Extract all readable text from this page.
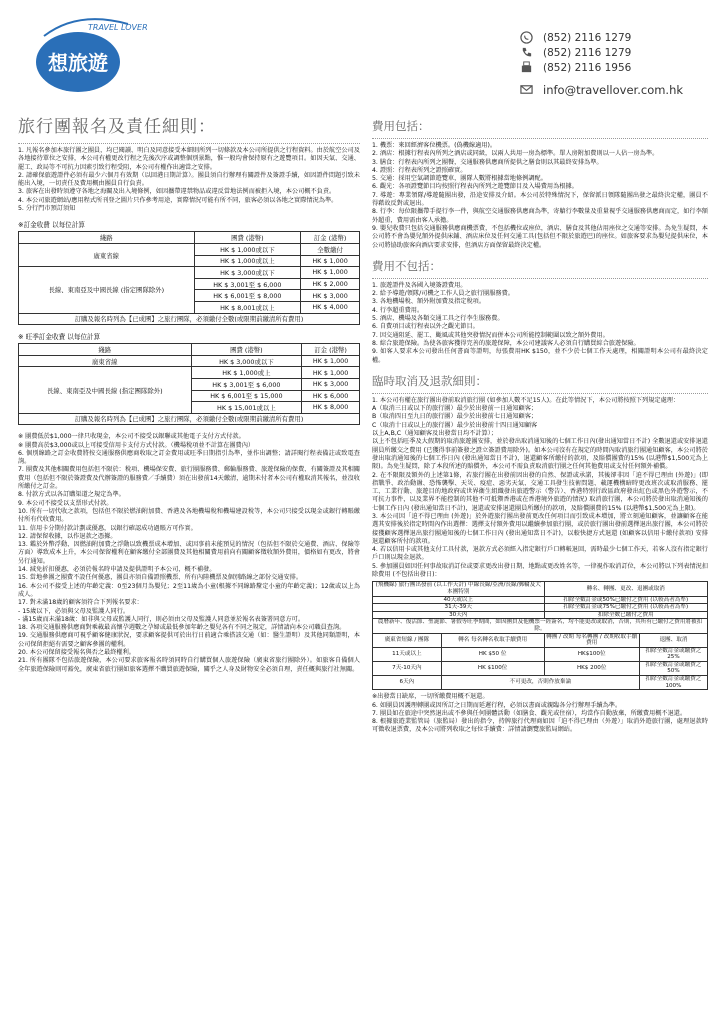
TRAVEL LOVER
想旅遊
(852) 2116 1279
(852) 2116 1279
(852) 2116 1956
info@travellover.com.hk
旅行團報名及責任細則：

1. 凡報名參加本旅行團之團員，均已閱讀、明白及同意接受本細則所列一切條款及本公司所提供之行程資料。由於航空公司及各地接待單位之安排，本公司有權更改行程之先後次序或調整個別景點，惟一般均會保持原有之遊覽項目。如因天氣、交通、罷工、政局等不可抗力因素引致行程受阻，本公司有權作出適當之安排。

2. 請確保旅遊證件必須有最少六個月有效期（以回港日期計算）。團員須自行辦理有關證件及簽證手續，如因證件問題引致未能出入境，一切責任及費用概由團員自行負責。

3. 旅客在出發時須遵守各地之海關及出入境條例，如因攜帶違禁物品或違反當地法例而被拒入境，本公司概不負責。

4. 本公司旅遊網站/應用程式所刊登之圖片只作參考用途，實際情況可能有所不同，旅客必須以各地之實際情況為準。

5. 分行門市預訂須知

※訂金收費 以每位計算
綫路	團費 (港幣)	訂金 (港幣)
廣東省線	HK $ 1,000或以下	全數繳付
	HK $ 1,000或以上	HK $ 1,000
長線、東南亞及中國長線 (指定團隊除外)	HK $ 3,000或以下	HK $ 1,000
	HK $ 3,001至 $ 6,000	HK $ 2,000
	HK $ 6,001至 $ 8,000	HK $ 3,000
	HK $ 8,001或以上	HK $ 4,000
訂購及報名時列為【已成團】之旅行團隊，必須繳付全數(或限期前繳清所有費用)		
※ 旺季訂金收費 以每位計算
綫路	團費 (港幣)	訂金 (港幣)
廣東省線	HK $ 3,000或以下	HK $ 1,000
長線、東南亞及中國長線 (指定團隊除外)	HK $ 1,000或上	HK $ 1,000
	HK $ 3,001至 $ 6,000	HK $ 3,000
	HK $ 6,001至 $ 15,000	HK $ 6,000
	HK $ 15,001或以上	HK $ 8,000
訂購及報名時列為【已成團】之旅行團隊，必須繳付全數(或限期前繳清所有費用)		

※ 團費低於$1,000一律只收現金，本公司不接受以銀聯或其他電子支付方式付款。

※ 團費高於$3,000或以上可接受信用卡支付方式付款。（機場稅項並不計算在團費內）

6. 個別線路之訂金收費將按交通服務供應商收取之訂金費用或旺季日期指引為準，並作出調整；請詳閱行程表備註或致電查詢。

7. 團費及其他相關費用包括但不限於：稅項、機場保安費、旅行團服務費、郵輪服務費、旅遊保險的保費、有關簽證及其相關費用（包括但不限於簽證費及代辦簽證的服務費／手續費）須在出發前14天繳清，逾期未付者本公司有權取消其報名，並沒收所繳付之訂金。

8. 付款方式以各訂購渠道之規定為準。

9. 本公司不接受以支票形式付款。

10. 所有一切代收之款項，包括但不限於燃油附加費、香港及各地機場稅和機場建設稅等，本公司只接受以現金或銀行轉賬繳付所有代收費用。

11. 信用卡分期付款計劃或優惠，以銀行確認成功過賬方可作實。

12. 請保留收據，以作退款之憑據。

13. 鑑於外幣浮動、因燃油附加費之浮動以致機票成本增加、或因事前未能預見的情況（包括但不限於交通費、酒店、保險等方面）導致成本上升，本公司保留權利在顧客繳付全部團費及其他相關費用前向有關顧客徵收額外費用，價格如有更改，將會另行通知。

14. 減免折扣優惠，必須於報名時申請及提供證明予本公司，概不補發。

15. 當地參團之團費不設任何優惠，團員亦須自備證照機票、所有內陸機票及個別路線之部份交通安排。

16. 本公司不接受上述的年齡定義：0至23個月為嬰兒；2至11歲為小童(根據不同線路釐定小童的年齡定義)；12歲或以上為成人。

17. 對未滿18歲的顧客須符合下列報名要求：

- 15歲以下，必須與父母及監護人同行。

- 滿15歲而未滿18歲：如非與父母或監護人同行，則必須由父母及監護人同意並於報名表簽署同意方可。

18. 各項交通服務供應商對乘載最高懷孕週數之孕婦或最低參加年齡之嬰兒各有不同之規定，詳情請向本公司職員查詢。

19. 交通服務供應商可視乎顧客健康狀況，要求顧客提供可於出行日前適合乘搭該交通（如：醫生證明）及其他同類證明，本公司保留拒絕有需要之顧客參團的權利。

20. 本公司保留接受報名與否之最終權利。

21. 所有團隊不包括旅遊保險，本公司要求旅客報名時須同時自行購買個人旅遊保險（廣東省旅行團除外）。如旅客自備個人全年旅遊保險則可豁免，廣東省旅行團如旅客選擇不購買旅遊保險，關乎之人身及財物安全必須自理，責任概與旅行社無關。

費用包括：
1. 機票：來回經濟客位機票。(偽機線適用)。
2. 酒店：根據行程表內所列之酒店或同級，以兩人共用一房為標準。單人房附加費則以一人佔一房為準。
3. 膳食：行程表內所列之團餐，交通服務供應商所提供之膳食則以其最終安排為準。
4. 證照：行程表所列之證照確實。
5. 交通：採用空氣調節遊覽車，團隊人數將根據當地條例調配。
6. 觀光：各項證覽節目均按照行程表內所列之遊覽節目及入場費用為根據。
7. 導遊：專業領隊/導遊隨團出發，沿途安排及介紹。本公司於特殊情況下，保留派日領隊隨團出發之最終決定權，團員不得藉故反對或退出。
8. 行李：每位限攜帶手提行李一件，與航空交通服務供應商為準，寄艙行李數量及重量視乎交通服務供應商而定，如行李額外超重，費用需由客人承擔。
9. 嬰兒收費只包括交通服務供應商機票費，不包括機位或座位，酒店、膳食及其他佔用座位之交通等安排。為免生疑問，本公司將不會為嬰兒額外提供床鋪、酒店床位及任何交通工具(包括但不限於旅遊巴)的座位。如旅客要求為嬰兒提供床位，本公司將協助旅客向酒店要求安排，但酒店方面保留最終決定權。
費用不包括：
1. 旅遊證件及各國入境簽證費用。
2. 給予導遊/領隊/司機之工作人員之旅行團服務費。
3. 各地機場稅、額外附加費及指定稅項。
4. 行李超重費用。
5. 酒店、機場及各類交通工具之行李生服務費。
6. 自費項目或行程表以外之觀光節目。
7. 因交通阻延、罷工、颱風或其他突發情況而併本公司所能控制範圍以致之額外費用。
8. 綜合旅遊保險。為使各旅客獲得完善的旅遊保障，本公司建議客人必須自行購買綜合旅遊保險。
9. 如客人要求本公司發出任何書面等證明，每張費用HK $150，並不少於七個工作天處理，相關證明本公司有最終決定權。
臨時取消及退款細則：
1. 本公司有權在旅行團出發前取消旅行團 (如參加人數不足15人)。在此等情況下，本公司將按照下列規定處理：
A（取消三日或以下的旅行團）最少於出發前一日通知顧客；
B（取消四日至九日的旅行團）最少於出發前七日通知顧客；
C（取消十日或以上的旅行團）最少於出發前十四日通知顧客
以上A,B,C（通知顧客及出發當日均不計算）；
以上不包括旺季及大假期的取消旅遊團安排，並於發出取消通知後的七個工作日內(發出通知當日不計) 全數退還或安排退還團員所繳交之費用 (已獲得事前簽發之證立簽證費用除外)。如本公司沒有在規定的時間內取消旅行團通知顧客，本公司將於發出取消通知後的七個工作日內 (發出通知當日不計)，退還顧客所繳付的款項，及賠償團費的15% (以港幣$1,500元為上限)。為免生疑問，除了本段所述的賠償外，本公司不需負責取消旅行團之任何其他費用或支付任何額外補償。
2. 在不限限及額外的上述第1條，若旅行團在出發前因出發的自然、保證或承諾，其後卻非因「迫不得已理由 (外遊)」(即指戰爭、政治動盪、恐怖襲擊、天災、疫症、惡劣天氣、交通工具發生技術問題、載運機構暗時更改班次或取消服務、罷工、工業行動、旅遊目的地政府或世界衞生組織發出旅遊警示（警告）、香港特別行政區政府發出紅色或黑色外遊警示，不可抗力事件，以及業界不能控制的其他不可抵禦香港或在香港境外旅遊的情況) 取消旅行團，本公司將於發出取消通知後的七個工作日內 (發出通知當日不計)，退還或安排退還團員所繳付的款項，及賠償團費的15% (以港幣$1,500元為上限)。
3. 本公司因「迫不得已理由 (外遊)」於外遊旅行團出發前更改任何項目而引致成本增加，將立刻通知顧客，並讓顧客在能選其安排後於指定時間內作出選擇：選擇支付額外費用以繼續參加旅行團，或於旅行團出發前選擇退出旅行團，本公司將於接獲顧客選擇退出旅行團通知後的七個工作日內 (發出通知當日不計)，以較快捷方式退還 (如顧客以信用卡繳付款項) 安排退還顧客所付的款項。
4. 若以信用卡或其他支付工具付款，退款方式必須經入指定銀行戶口轉帳退回，需時最少七個工作天，若客人沒有指定銀行戶口則以現金退款。
5. 參加團員如因任何事故取消訂位或要求更改出發日期、地點或更改姓名等，一律視作取消訂位，本公司將以下列表情況扣除費用 (不包括出發日)：
(飛機線) 旅行團出發前 (以工作天計) 中線長線/亞洲/長線/郵輪及大本團特別		轉名、轉團、更改、退團或取消	
40天或以上		扣除全數訂金或50%已繳付之費用 (以較高者為準)	
31天-39天		扣除全數訂金或75%已繳付之費用 (以較高者為準)	
30天內		扣除全數已繳付之費用	
農曆新年、復活節、聖誕節、暑假等旺季期間，如因團員及他機票一經簽名，均不能更改或取消，否則，其所有已繳付之費用將被扣除。			
廣東省短線 / 團隊	轉名 每名轉名收取手續費用	轉團 / 改期 每名轉團 / 改期收取手續費用	退團、取消
11天或以上	HK $50 位	HK$100位	扣除全數訂金或繳費之25%
7天-10天內	HK $100位	HK$ 200位	扣除全數訂金或繳費之50%
6天內	不可更改，否則作放棄論		扣除全數訂金或繳費之100%
※出發當日缺席，一切所繳費用概不退還。
6. 如團員因護理轉團或因所訂之日期而延遲行程，必須以書面或親臨各分行辦理手續為準。
7. 團員如在旅途中突然退出或不參與任何團體活動（如膳食、觀光或住宿），均當作自動放棄，所繳費用概不退還。
8. 根據旅遊業監管局（旅監局）發出的指令，持牌旅行代理商如因「迫不得已理由（外遊）」取消外遊旅行團，處理退款時可徵收退票費，及本公司將列收取之每位手續費：詳情請瀏覽旅監局網站。
